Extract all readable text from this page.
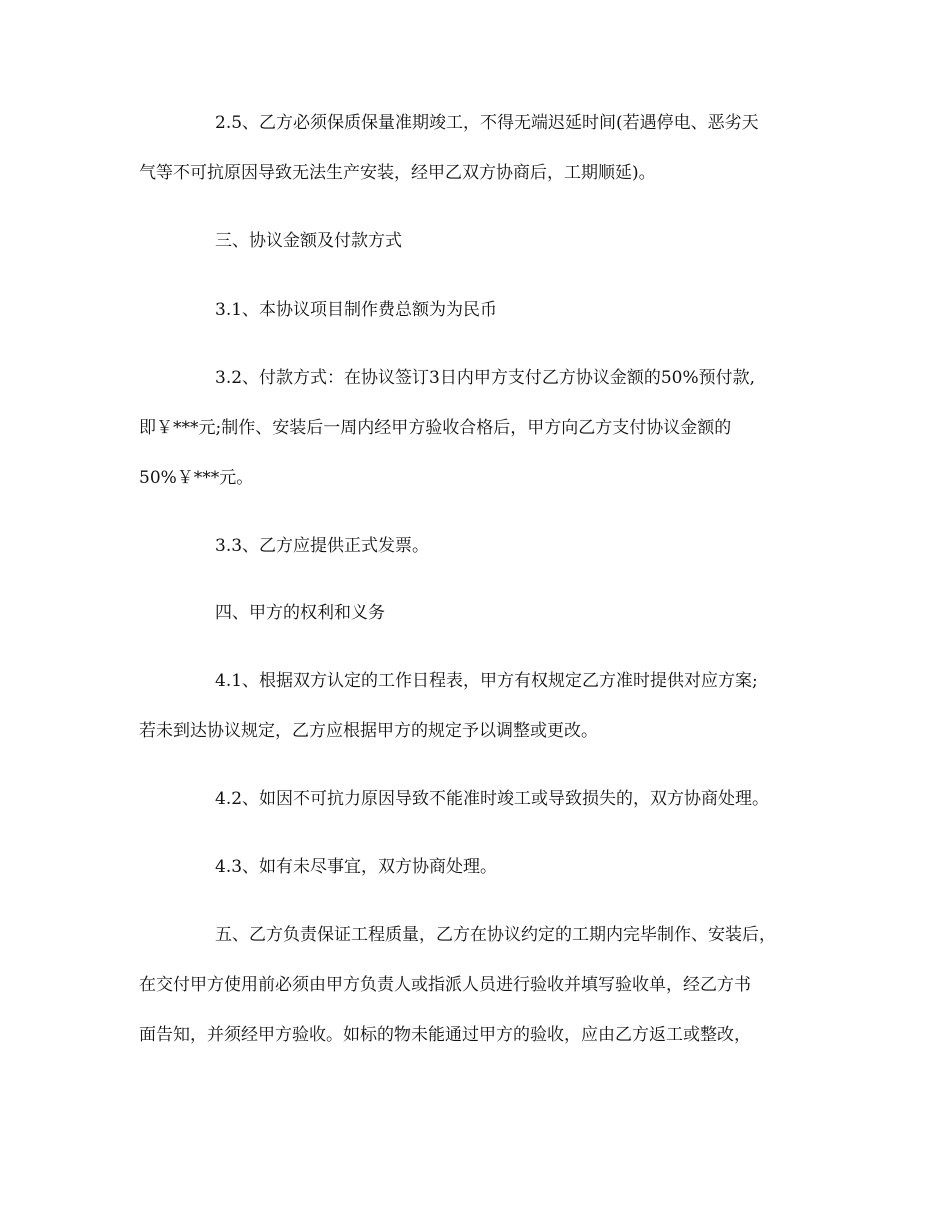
2.5、乙方必须保质保量准期竣工，不得无端迟延时间(若遇停电、恶劣天
气等不可抗原因导致无法生产安装，经甲乙双方协商后，工期顺延)。
三、协议金额及付款方式
3.1、本协议项目制作费总额为为民币
3.2、付款方式：在协议签订3日内甲方支付乙方协议金额的50%预付款,
即￥***元;制作、安装后一周内经甲方验收合格后，甲方向乙方支付协议金额的
50%￥***元。
3.3、乙方应提供正式发票。
四、甲方的权利和义务
4.1、根据双方认定的工作日程表，甲方有权规定乙方准时提供对应方案;
若未到达协议规定，乙方应根据甲方的规定予以调整或更改。
4.2、如因不可抗力原因导致不能准时竣工或导致损失的，双方协商处理。
4.3、如有未尽事宜，双方协商处理。
五、乙方负责保证工程质量，乙方在协议约定的工期内完毕制作、安装后，
在交付甲方使用前必须由甲方负责人或指派人员进行验收并填写验收单，经乙方书
面告知，并须经甲方验收。如标的物未能通过甲方的验收，应由乙方返工或整改，
